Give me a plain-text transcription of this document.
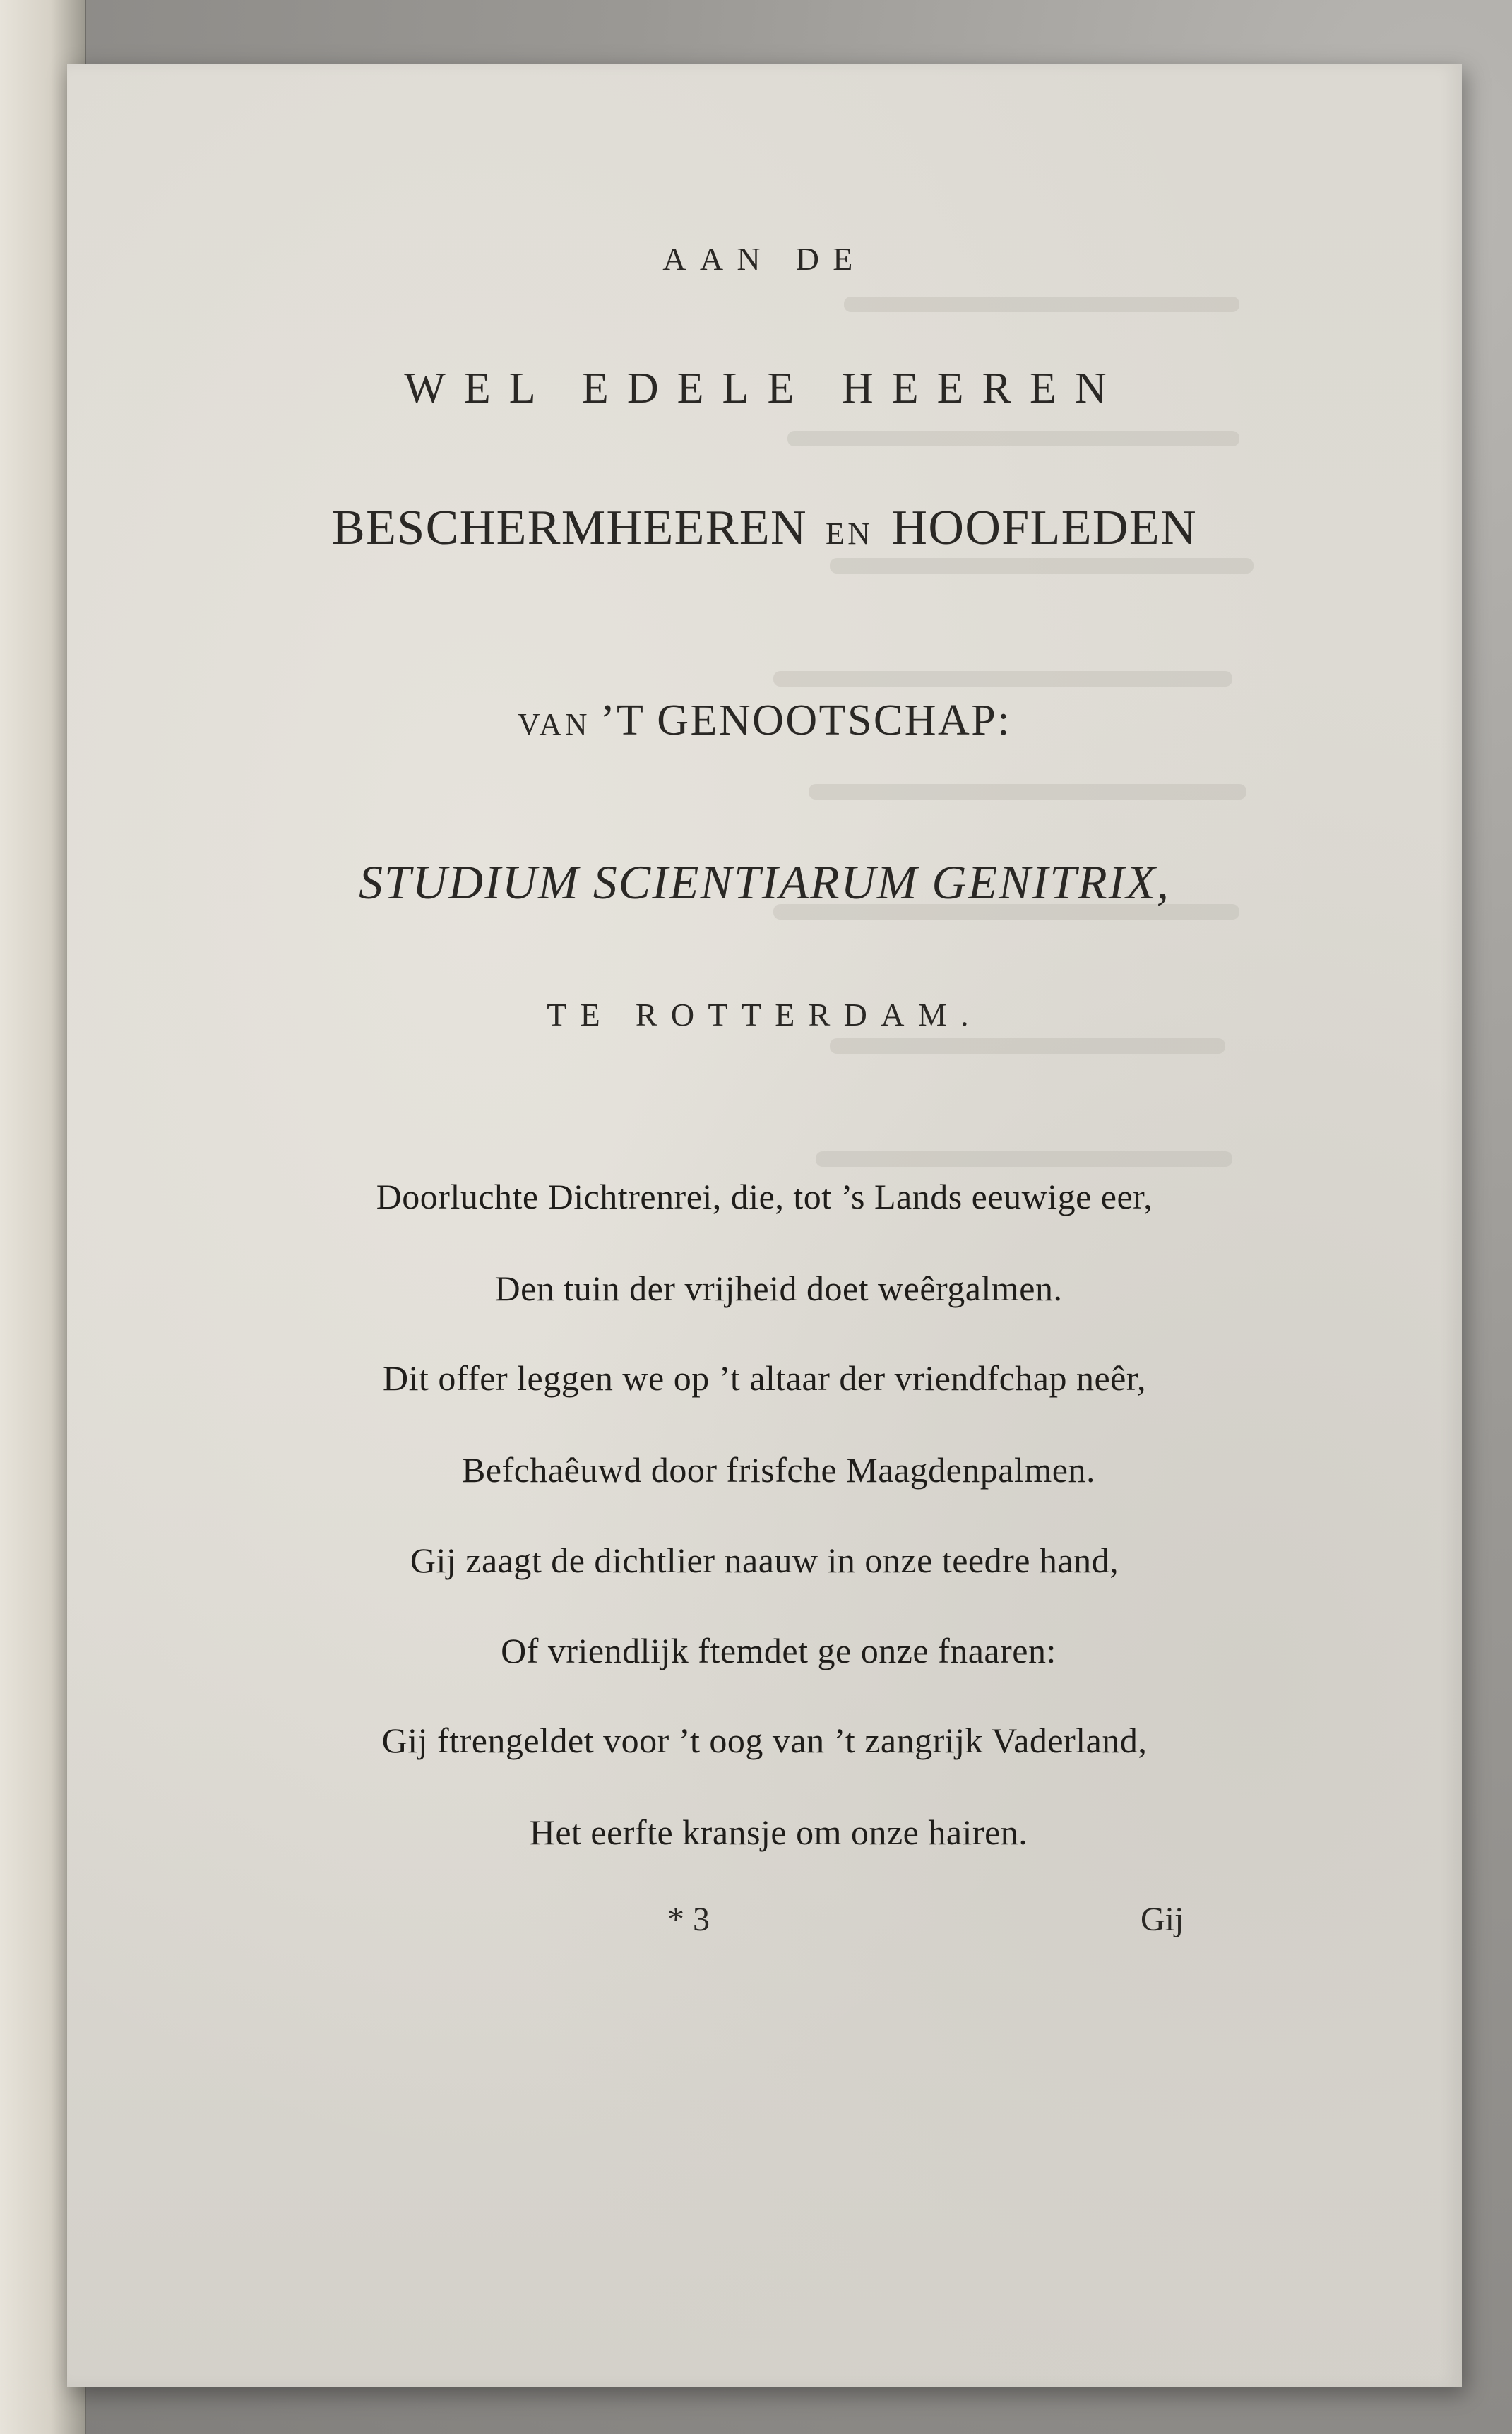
AAN DE
WEL EDELE HEEREN
BESCHERMHEEREN EN HOOFLEDEN
VAN ’T GENOOTSCHAP:
STUDIUM SCIENTIARUM GENITRIX,
TE ROTTERDAM.
Doorluchte Dichtrenrei, die, tot ’s Lands eeuwige eer,
Den tuin der vrijheid doet weêrgalmen.
Dit offer leggen we op ’t altaar der vriendfchap neêr,
Befchaêuwd door frisfche Maagdenpalmen.
Gij zaagt de dichtlier naauw in onze teedre hand,
Of vriendlijk ftemdet ge onze fnaaren:
Gij ftrengeldet voor ’t oog van ’t zangrijk Vaderland,
Het eerfte kransje om onze hairen.
* 3	Gij
